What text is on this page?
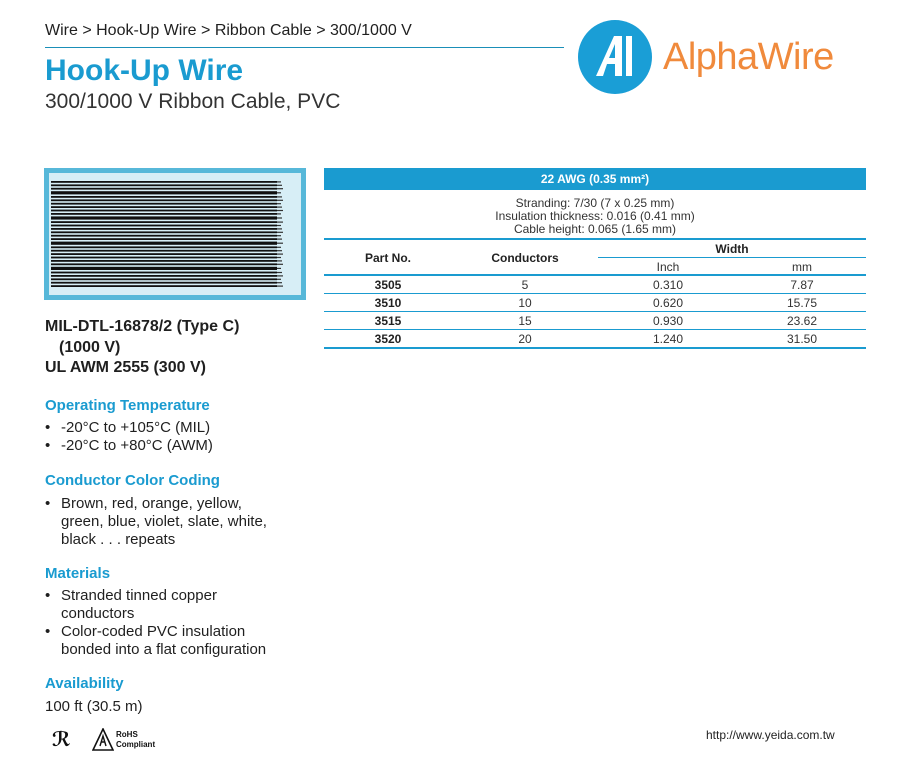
Wire > Hook-Up Wire > Ribbon Cable > 300/1000 V
Hook-Up Wire
300/1000 V Ribbon Cable, PVC
AlphaWire
MIL-DTL-16878/2 (Type C)
(1000 V)
UL AWM 2555 (300 V)
Operating Temperature
• -20°C to +105°C (MIL)
• -20°C to +80°C (AWM)
Conductor Color Coding
• Brown, red, orange, yellow,
green, blue, violet, slate, white,
black . . . repeats
Materials
• Stranded tinned copper
conductors
• Color-coded PVC insulation
bonded into a flat configuration
Availability
100 ft (30.5 m)
ℛ	RoHS
Compliant
22 AWG (0.35 mm²)
Stranding: 7/30 (7 x 0.25 mm)
Insulation thickness: 0.016 (0.41 mm)
Cable height: 0.065 (1.65 mm)
Part No.	Conductors
Width
Inch	mm
3505	5	0.310	7.87
3510	10	0.620	15.75
3515	15	0.930	23.62
3520	20	1.240	31.50
http://www.yeida.com.tw
